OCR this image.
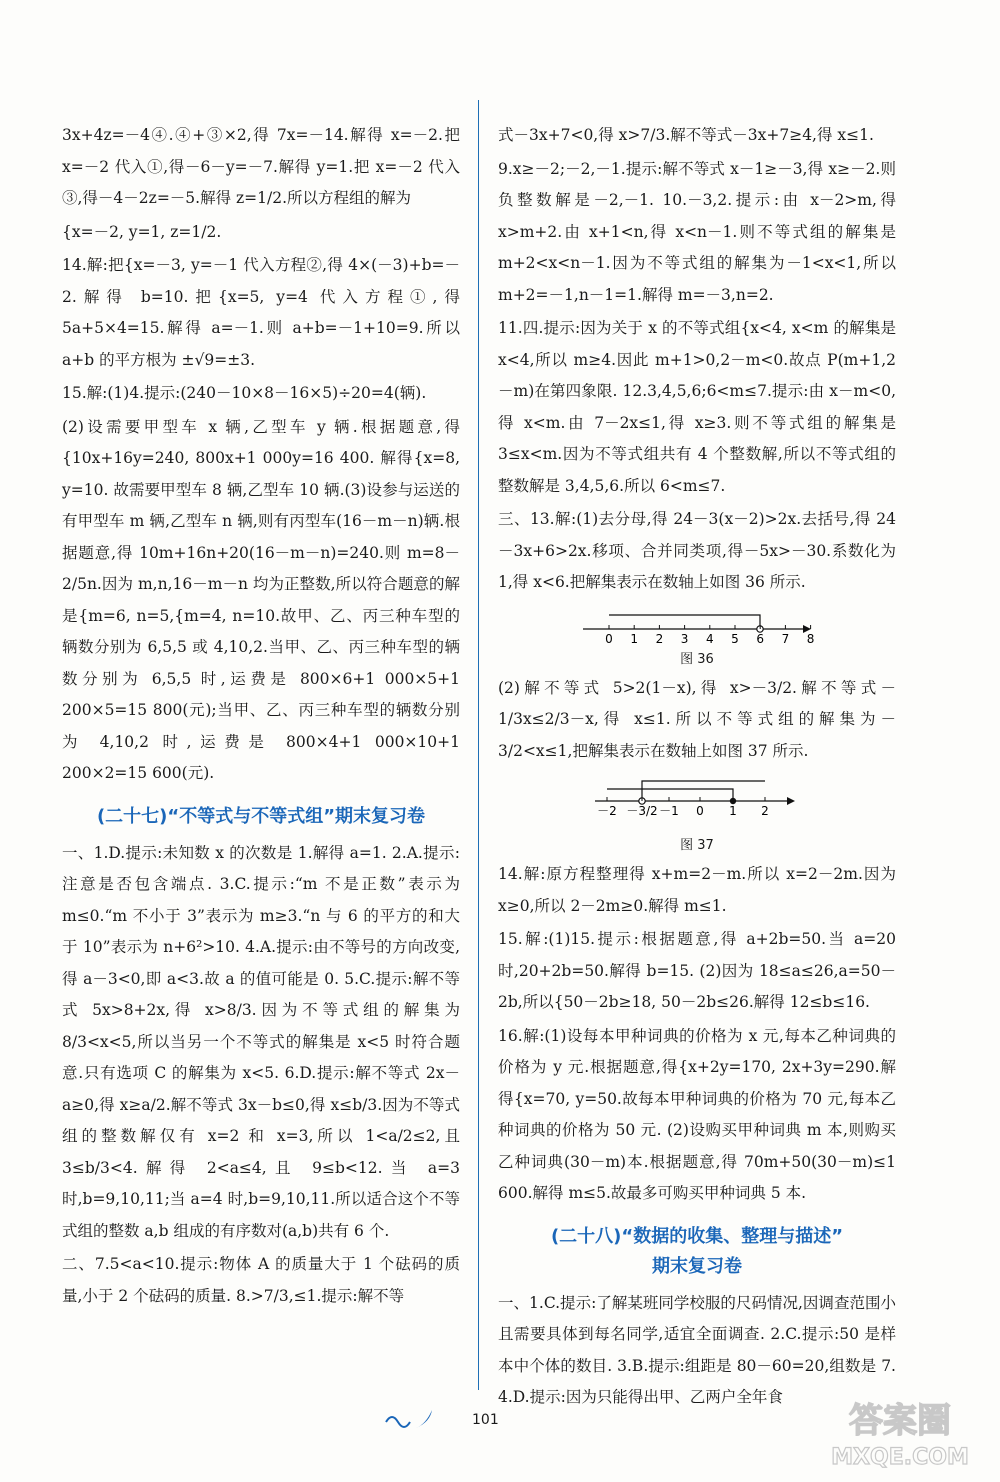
3x+4z=－4④.④+③×2,得 7x=－14.解得 x=－2.把 x=－2 代入①,得－6－y=－7.解得 y=1.把 x=－2 代入③,得－4－2z=－5.解得 z=1/2.所以方程组的解为

{x=－2, y=1, z=1/2.

14.解:把{x=－3, y=－1 代入方程②,得 4×(－3)+b=－2.解得 b=10.把{x=5, y=4 代入方程①,得 5a+5×4=15.解得 a=－1.则 a+b=－1+10=9.所以 a+b 的平方根为 ±√9=±3.

15.解:(1)4.提示:(240－10×8－16×5)÷20=4(辆).

(2)设需要甲型车 x 辆,乙型车 y 辆.根据题意,得{10x+16y=240, 800x+1 000y=16 400. 解得{x=8, y=10. 故需要甲型车 8 辆,乙型车 10 辆.(3)设参与运送的有甲型车 m 辆,乙型车 n 辆,则有丙型车(16－m－n)辆.根据题意,得 10m+16n+20(16－m－n)=240.则 m=8－2/5n.因为 m,n,16－m－n 均为正整数,所以符合题意的解是{m=6, n=5,{m=4, n=10.故甲、乙、丙三种车型的辆数分别为 6,5,5 或 4,10,2.当甲、乙、丙三种车型的辆数分别为 6,5,5 时,运费是 800×6+1 000×5+1 200×5=15 800(元);当甲、乙、丙三种车型的辆数分别为 4,10,2 时,运费是 800×4+1 000×10+1 200×2=15 600(元).

(二十七)“不等式与不等式组”期末复习卷

一、1.D.提示:未知数 x 的次数是 1.解得 a=1. 2.A.提示:注意是否包含端点. 3.C.提示:“m 不是正数”表示为 m≤0.“m 不小于 3”表示为 m≥3.“n 与 6 的平方的和大于 10”表示为 n+6²>10. 4.A.提示:由不等号的方向改变,得 a－3<0,即 a<3.故 a 的值可能是 0. 5.C.提示:解不等式 5x>8+2x,得 x>8/3.因为不等式组的解集为 8/3<x<5,所以当另一个不等式的解集是 x<5 时符合题意.只有选项 C 的解集为 x<5. 6.D.提示:解不等式 2x－a≥0,得 x≥a/2.解不等式 3x－b≤0,得 x≤b/3.因为不等式组的整数解仅有 x=2 和 x=3,所以 1<a/2≤2,且 3≤b/3<4.解得 2<a≤4,且 9≤b<12.当 a=3 时,b=9,10,11;当 a=4 时,b=9,10,11.所以适合这个不等式组的整数 a,b 组成的有序数对(a,b)共有 6 个.

二、7.5<a<10.提示:物体 A 的质量大于 1 个砝码的质量,小于 2 个砝码的质量. 8.>7/3,≤1.提示:解不等

式－3x+7<0,得 x>7/3.解不等式－3x+7≥4,得 x≤1.

9.x≥－2;－2,－1.提示:解不等式 x－1≥－3,得 x≥－2.则负整数解是－2,－1. 10.－3,2.提示:由 x－2>m,得 x>m+2.由 x+1<n,得 x<n－1.则不等式组的解集是 m+2<x<n－1.因为不等式组的解集为－1<x<1,所以 m+2=－1,n－1=1.解得 m=－3,n=2.

11.四.提示:因为关于 x 的不等式组{x<4, x<m 的解集是 x<4,所以 m≥4.因此 m+1>0,2－m<0.故点 P(m+1,2－m)在第四象限. 12.3,4,5,6;6<m≤7.提示:由 x－m<0,得 x<m.由 7－2x≤1,得 x≥3.则不等式组的解集是 3≤x<m.因为不等式组共有 4 个整数解,所以不等式组的整数解是 3,4,5,6.所以 6<m≤7.

三、13.解:(1)去分母,得 24－3(x－2)>2x.去括号,得 24－3x+6>2x.移项、合并同类项,得－5x>－30.系数化为 1,得 x<6.把解集表示在数轴上如图 36 所示.

0 1 2 3 4 5 6 7 8
图 36

(2)解不等式 5>2(1－x),得 x>－3/2.解不等式－1/3x≤2/3－x,得 x≤1.所以不等式组的解集为－3/2<x≤1,把解集表示在数轴上如图 37 所示.

－2 －3/2 －1 0 1 2
图 37

14.解:原方程整理得 x+m=2－m.所以 x=2－2m.因为 x≥0,所以 2－2m≥0.解得 m≤1.

15.解:(1)15.提示:根据题意,得 a+2b=50.当 a=20 时,20+2b=50.解得 b=15. (2)因为 18≤a≤26,a=50－2b,所以{50－2b≥18, 50－2b≤26.解得 12≤b≤16.

16.解:(1)设每本甲种词典的价格为 x 元,每本乙种词典的价格为 y 元.根据题意,得{x+2y=170, 2x+3y=290.解得{x=70, y=50.故每本甲种词典的价格为 70 元,每本乙种词典的价格为 50 元. (2)设购买甲种词典 m 本,则购买乙种词典(30－m)本.根据题意,得 70m+50(30－m)≤1 600.解得 m≤5.故最多可购买甲种词典 5 本.

(二十八)“数据的收集、整理与描述”
期末复习卷

一、1.C.提示:了解某班同学校服的尺码情况,因调查范围小且需要具体到每名同学,适宜全面调查. 2.C.提示:50 是样本中个体的数目. 3.B.提示:组距是 80－60=20,组数是 7. 4.D.提示:因为只能得出甲、乙两户全年食

101	答案圈
MXQE.COM
